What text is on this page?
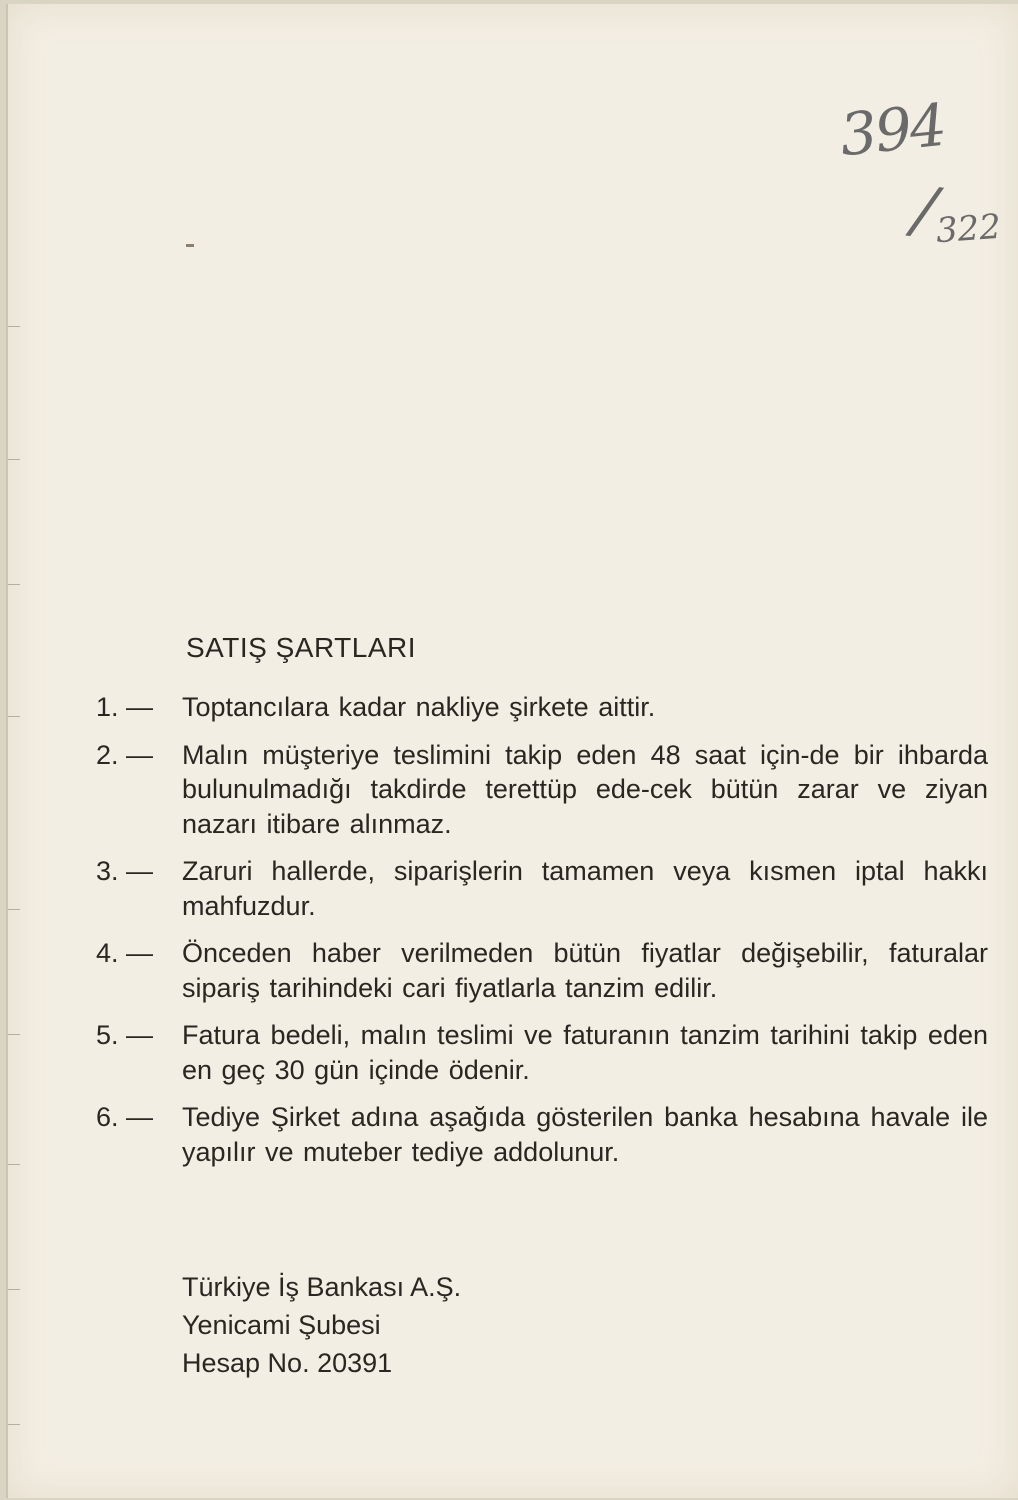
394
/
322
SATIŞ ŞARTLARI
1. —	Toptancılara kadar nakliye şirkete aittir.
2. —	Malın müşteriye teslimini takip eden 48 saat için-de bir ihbarda bulunulmadığı takdirde terettüp ede-cek bütün zarar ve ziyan nazarı itibare alınmaz.
3. —	Zaruri hallerde, siparişlerin tamamen veya kısmen iptal hakkı mahfuzdur.
4. —	Önceden haber verilmeden bütün fiyatlar değişebilir, faturalar sipariş tarihindeki cari fiyatlarla tanzim edilir.
5. —	Fatura bedeli, malın teslimi ve faturanın tanzim tarihini takip eden en geç 30 gün içinde ödenir.
6. —	Tediye Şirket adına aşağıda gösterilen banka hesabına havale ile yapılır ve muteber tediye addolunur.
Türkiye İş Bankası A.Ş.
Yenicami Şubesi
Hesap No. 20391
